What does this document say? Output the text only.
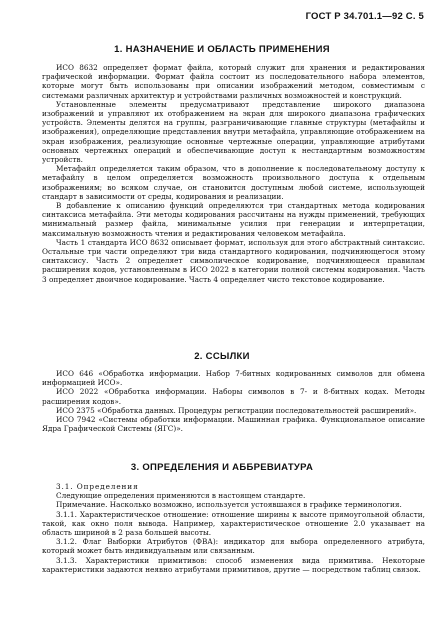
ГОСТ Р 34.701.1—92 С. 5
1. НАЗНАЧЕНИЕ И ОБЛАСТЬ ПРИМЕНЕНИЯ

ИСО 8632 определяет формат файла, который служит для хранения и редактирования графической информации. Формат файла состоит из последовательного набора элементов, которые могут быть использованы при описании изображений методом, совместимым с системами различных архитектур и устройствами различных возможностей и конструкций.

Установленные элементы предусматривают представление широкого диапазона изображений и управляют их отображением на экран для широкого диапазона графических устройств. Элементы делятся на группы, разграничивающие главные структуры (метафайлы и изображения), определяющие представления внутри метафайла, управляющие отображением на экран изображения, реализующие основные чертежные операции, управляющие атрибутами основных чертежных операций и обеспечивающие доступ к нестандартным возможностям устройств.

Метафайл определяется таким образом, что в дополнение к последовательному доступу к метафайлу в целом определяется возможность произвольного доступа к отдельным изображениям; во всяком случае, он становится доступным любой системе, использующей стандарт в зависимости от среды, кодирования и реализации.

В добавление к описанию функций определяются три стандартных метода кодирования синтаксиса метафайла. Эти методы кодирования рассчитаны на нужды применений, требующих минимальный размер файла, минимальные усилия при генерации и интерпретации, максимальную возможность чтения и редактирования человеком метафайла.

Часть 1 стандарта ИСО 8632 описывает формат, используя для этого абстрактный синтаксис. Остальные три части определяют три вида стандартного кодирования, подчиняющегося этому синтаксису. Часть 2 определяет символическое кодирование, подчиняющееся правилам расширения кодов, установленным в ИСО 2022 в категории полной системы кодирования. Часть 3 определяет двоичное кодирование. Часть 4 определяет чисто текстовое кодирование.

2. ССЫЛКИ

ИСО 646 «Обработка информации. Набор 7-битных кодированных символов для обмена информацией ИСО».

ИСО 2022 «Обработка информации. Наборы символов в 7- и 8-битных кодах. Методы расширения кодов».

ИСО 2375 «Обработка данных. Процедуры регистрации последовательностей расширений».

ИСО 7942 «Системы обработки информации. Машинная графика. Функциональное описание Ядра Графической Системы (ЯГС)».

3. ОПРЕДЕЛЕНИЯ И АББРЕВИАТУРА

3.1. Определения

Следующие определения применяются в настоящем стандарте.

Примечание. Насколько возможно, используется устоявшаяся в графике терминология.

3.1.1. Характеристическое отношение: отношение ширины к высоте прямоугольной области, такой, как окно поля вывода. Например, характеристическое отношение 2.0 указывает на область шириной в 2 раза большей высоты.

3.1.2. Флаг Выборки Атрибутов (ФВА): индикатор для выбора определенного атрибута, который может быть индивидуальным или связанным.

3.1.3. Характеристики примитивов: способ изменения вида примитива. Некоторые характеристики задаются неявно атрибутами примитивов, другие — посредством таблиц связок.
